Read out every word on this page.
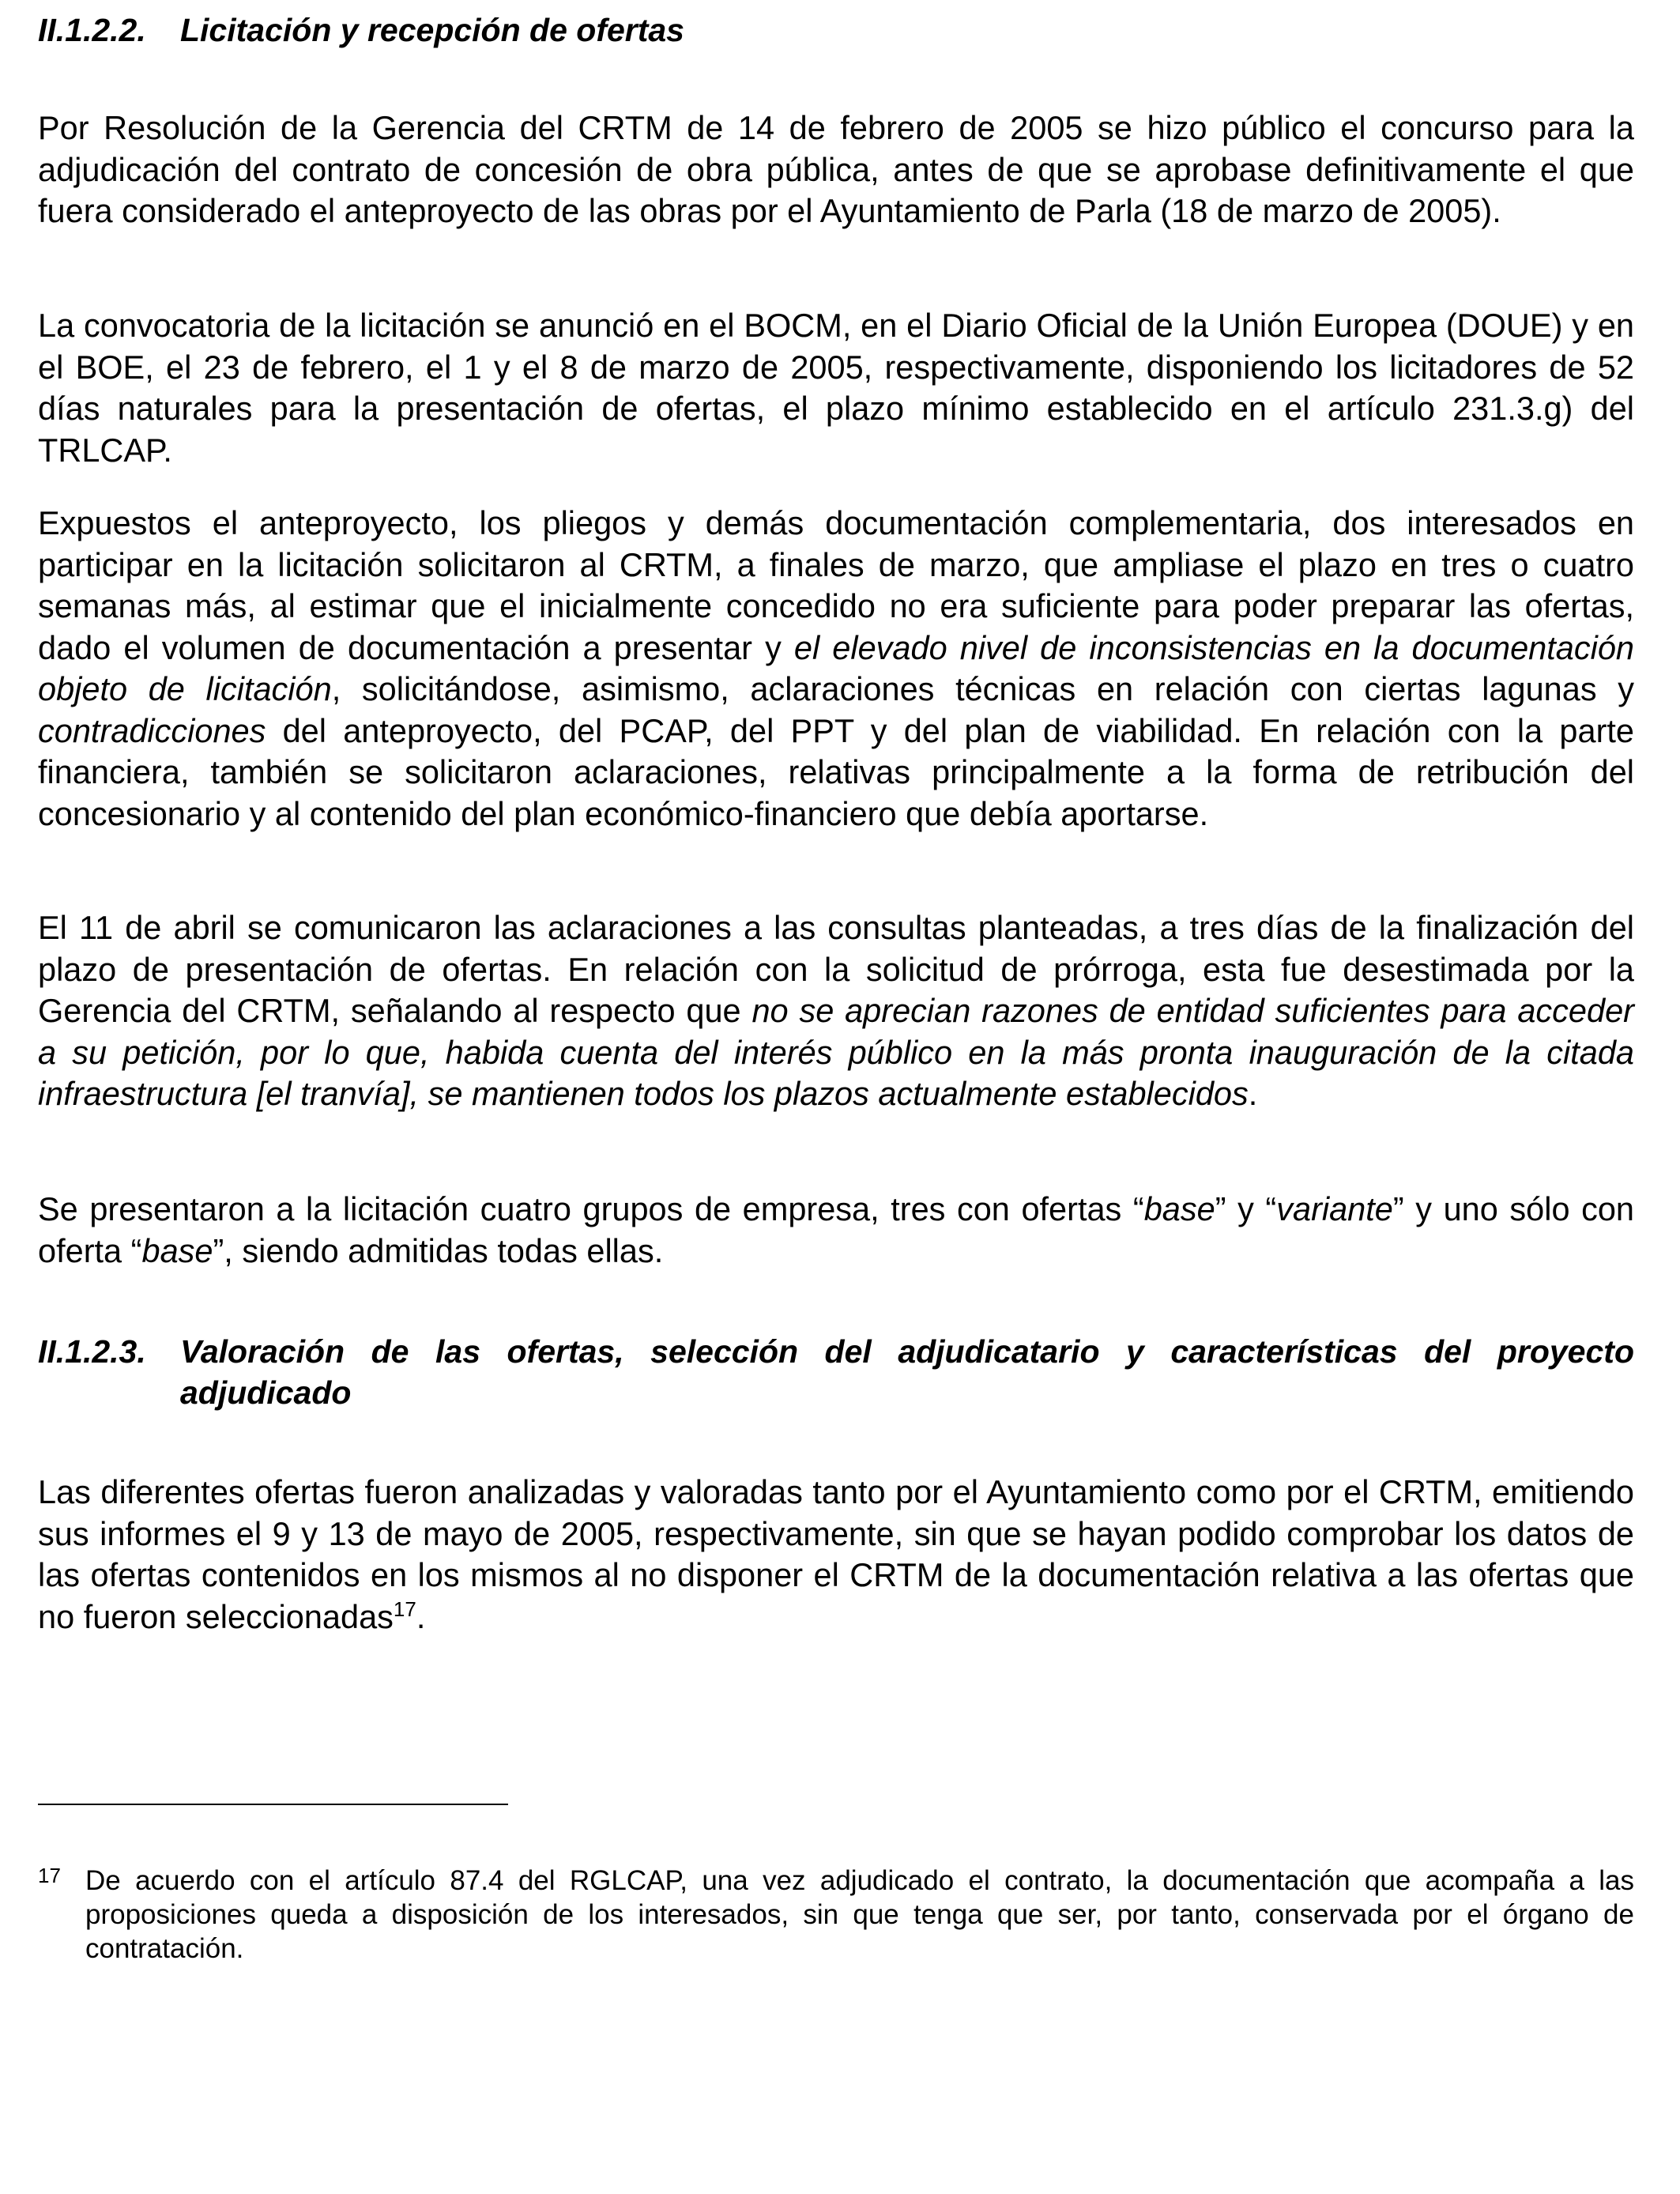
II.1.2.2.	Licitación y recepción de ofertas

Por Resolución de la Gerencia del CRTM de 14 de febrero de 2005 se hizo público el concurso para la adjudicación del contrato de concesión de obra pública, antes de que se aprobase definitivamente el que fuera considerado el anteproyecto de las obras por el Ayuntamiento de Parla (18 de marzo de 2005).

La convocatoria de la licitación se anunció en el BOCM, en el Diario Oficial de la Unión Europea (DOUE) y en el BOE, el 23 de febrero, el 1 y el 8 de marzo de 2005, respectivamente, disponiendo los licitadores de 52 días naturales para la presentación de ofertas, el plazo mínimo establecido en el artículo 231.3.g) del TRLCAP.

Expuestos el anteproyecto, los pliegos y demás documentación complementaria, dos interesados en participar en la licitación solicitaron al CRTM, a finales de marzo, que ampliase el plazo en tres o cuatro semanas más, al estimar que el inicialmente concedido no era suficiente para poder preparar las ofertas, dado el volumen de documentación a presentar y el elevado nivel de inconsistencias en la documentación objeto de licitación, solicitándose, asimismo, aclaraciones técnicas en relación con ciertas lagunas y contradicciones del anteproyecto, del PCAP, del PPT y del plan de viabilidad. En relación con la parte financiera, también se solicitaron aclaraciones, relativas principalmente a la forma de retribución del concesionario y al contenido del plan económico-financiero que debía aportarse.

El 11 de abril se comunicaron las aclaraciones a las consultas planteadas, a tres días de la finalización del plazo de presentación de ofertas. En relación con la solicitud de prórroga, esta fue desestimada por la Gerencia del CRTM, señalando al respecto que no se aprecian razones de entidad suficientes para acceder a su petición, por lo que, habida cuenta del interés público en la más pronta inauguración de la citada infraestructura [el tranvía], se mantienen todos los plazos actualmente establecidos.

Se presentaron a la licitación cuatro grupos de empresa, tres con ofertas “base” y “variante” y uno sólo con oferta “base”, siendo admitidas todas ellas.

II.1.2.3.	Valoración de las ofertas, selección del adjudicatario y características del proyecto adjudicado

Las diferentes ofertas fueron analizadas y valoradas tanto por el Ayuntamiento como por el CRTM, emitiendo sus informes el 9 y 13 de mayo de 2005, respectivamente, sin que se hayan podido comprobar los datos de las ofertas contenidos en los mismos al no disponer el CRTM de la documentación relativa a las ofertas que no fueron seleccionadas$^{17}$.

17 De acuerdo con el artículo 87.4 del RGLCAP, una vez adjudicado el contrato, la documentación que acompaña a las proposiciones queda a disposición de los interesados, sin que tenga que ser, por tanto, conservada por el órgano de contratación.
